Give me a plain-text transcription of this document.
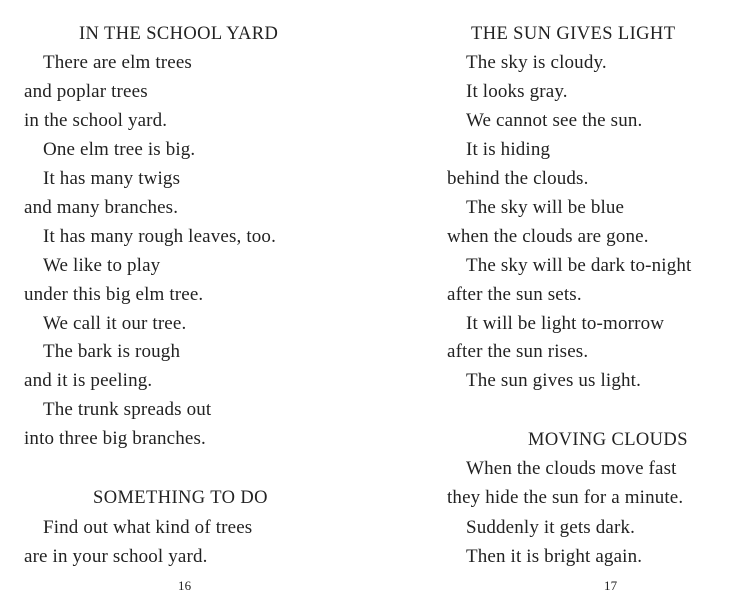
IN THE SCHOOL YARD
There are elm trees
and poplar trees
in the school yard.
One elm tree is big.
It has many twigs
and many branches.
It has many rough leaves, too.
We like to play
under this big elm tree.
We call it our tree.
The bark is rough
and it is peeling.
The trunk spreads out
into three big branches.
SOMETHING TO DO
Find out what kind of trees
are in your school yard.
16
THE SUN GIVES LIGHT
The sky is cloudy.
It looks gray.
We cannot see the sun.
It is hiding
behind the clouds.
The sky will be blue
when the clouds are gone.
The sky will be dark to-night
after the sun sets.
It will be light to-morrow
after the sun rises.
The sun gives us light.
MOVING CLOUDS
When the clouds move fast
they hide the sun for a minute.
Suddenly it gets dark.
Then it is bright again.
17
